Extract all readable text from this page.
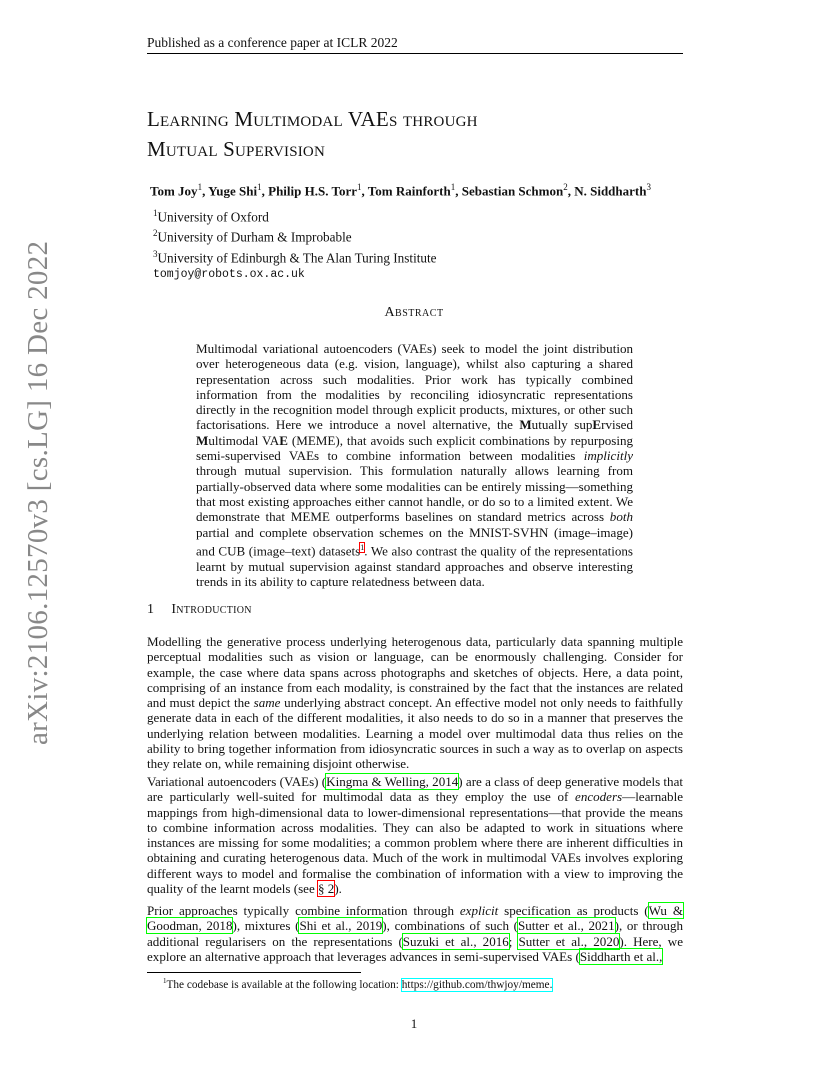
Published as a conference paper at ICLR 2022
Learning Multimodal VAEs through
Mutual Supervision
Tom Joy$^1$, Yuge Shi$^1$, Philip H.S. Torr$^1$, Tom Rainforth$^1$, Sebastian Schmon$^2$, N. Siddharth$^3$
$^1$University of Oxford
$^2$University of Durham & Improbable
$^3$University of Edinburgh & The Alan Turing Institute
tomjoy@robots.ox.ac.uk
arXiv:2106.12570v3 [cs.LG] 16 Dec 2022	Abstract

Multimodal variational autoencoders (VAEs) seek to model the joint distribution over heterogeneous data (e.g. vision, language), whilst also capturing a shared representation across such modalities. Prior work has typically combined information from the modalities by reconciling idiosyncratic representations directly in the recognition model through explicit products, mixtures, or other such factorisations. Here we introduce a novel alternative, the Mutually supErvised Multimodal VAE (MEME), that avoids such explicit combinations by repurposing semi-supervised VAEs to combine information between modalities implicitly through mutual supervision. This formulation naturally allows learning from partially-observed data where some modalities can be entirely missing—something that most existing approaches either cannot handle, or do so to a limited extent. We demonstrate that MEME outperforms baselines on standard metrics across both partial and complete observation schemes on the MNIST-SVHN (image–image) and CUB (image–text) datasets$^1$. We also contrast the quality of the representations learnt by mutual supervision against standard approaches and observe interesting trends in its ability to capture relatedness between data.

1 Introduction

Modelling the generative process underlying heterogenous data, particularly data spanning multiple perceptual modalities such as vision or language, can be enormously challenging. Consider for example, the case where data spans across photographs and sketches of objects. Here, a data point, comprising of an instance from each modality, is constrained by the fact that the instances are related and must depict the same underlying abstract concept. An effective model not only needs to faithfully generate data in each of the different modalities, it also needs to do so in a manner that preserves the underlying relation between modalities. Learning a model over multimodal data thus relies on the ability to bring together information from idiosyncratic sources in such a way as to overlap on aspects they relate on, while remaining disjoint otherwise.

Variational autoencoders (VAEs) (Kingma & Welling, 2014) are a class of deep generative models that are particularly well-suited for multimodal data as they employ the use of encoders—learnable mappings from high-dimensional data to lower-dimensional representations—that provide the means to combine information across modalities. They can also be adapted to work in situations where instances are missing for some modalities; a common problem where there are inherent difficulties in obtaining and curating heterogenous data. Much of the work in multimodal VAEs involves exploring different ways to model and formalise the combination of information with a view to improving the quality of the learnt models (see § 2).

Prior approaches typically combine information through explicit specification as products (Wu & Goodman, 2018), mixtures (Shi et al., 2019), combinations of such (Sutter et al., 2021), or through additional regularisers on the representations (Suzuki et al., 2016; Sutter et al., 2020). Here, we explore an alternative approach that leverages advances in semi-supervised VAEs (Siddharth et al.,

$^1$The codebase is available at the following location: https://github.com/thwjoy/meme.
1
